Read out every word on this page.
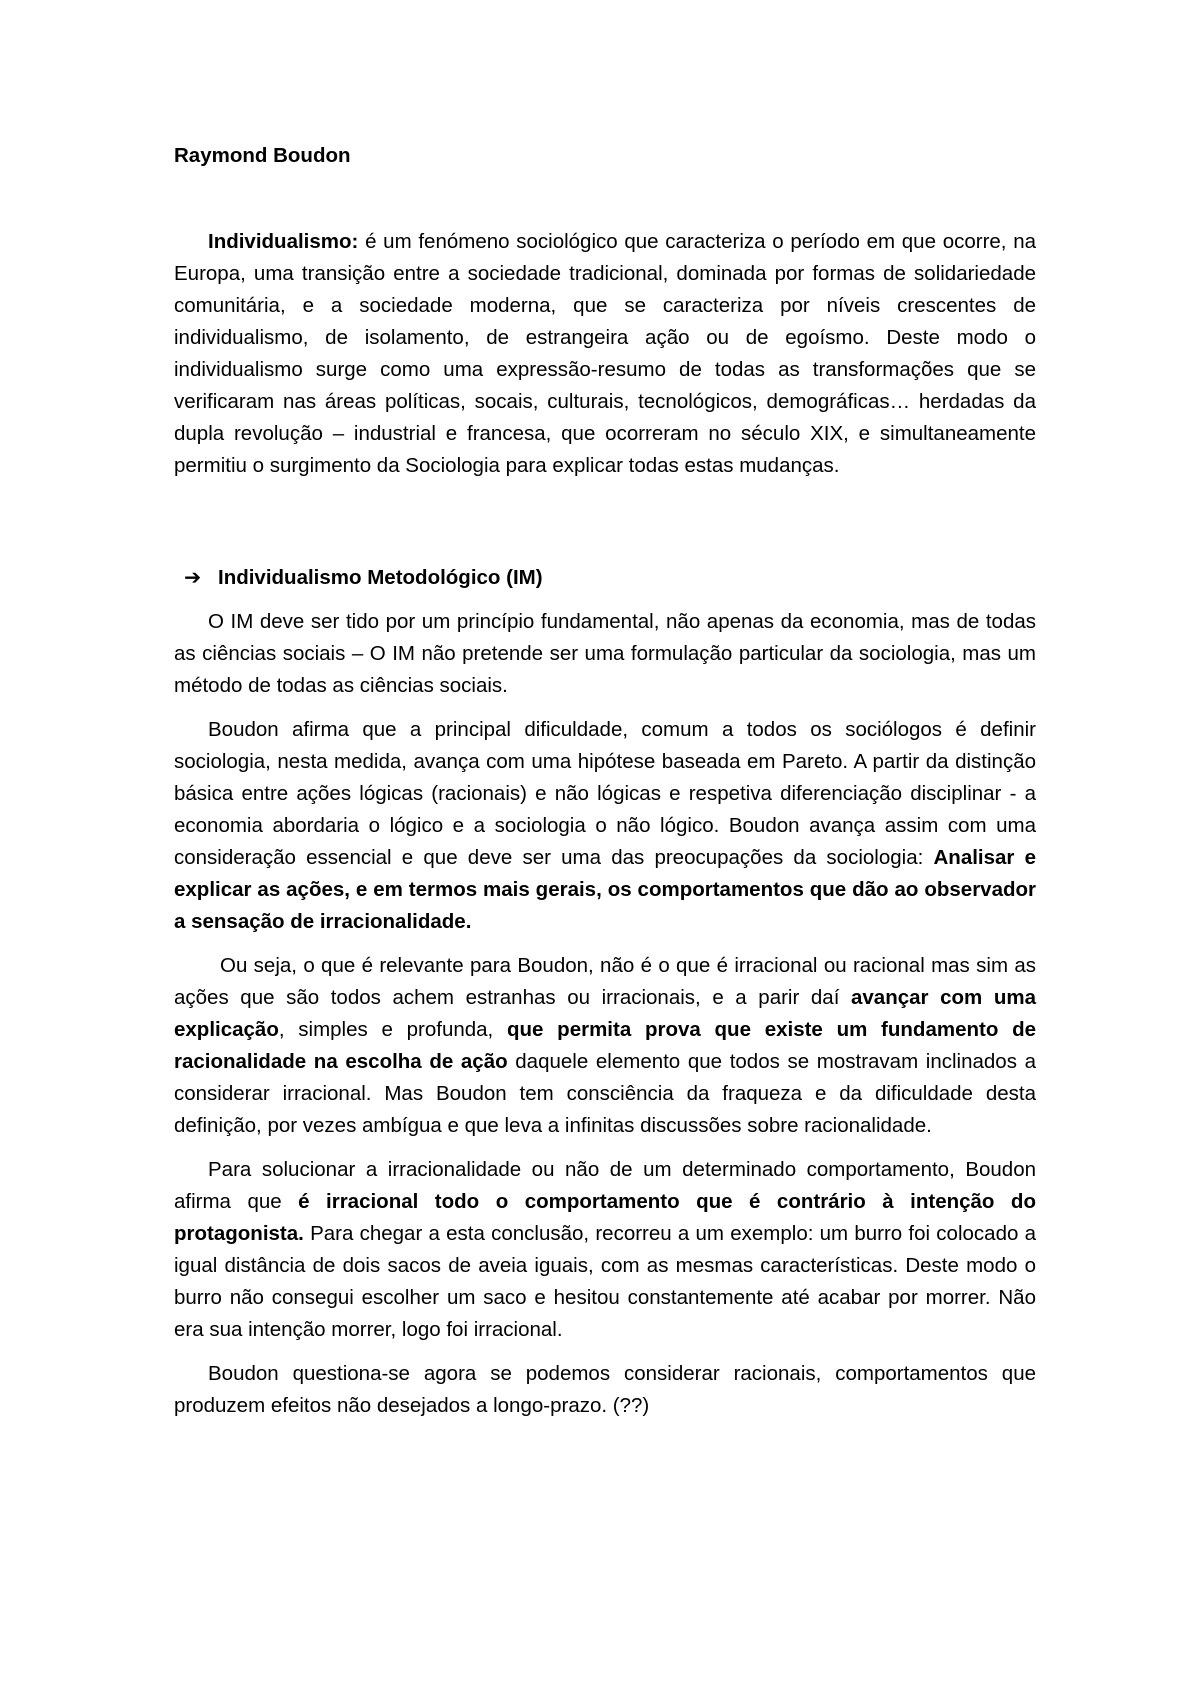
Raymond Boudon

Individualismo: é um fenómeno sociológico que caracteriza o período em que ocorre, na Europa, uma transição entre a sociedade tradicional, dominada por formas de solidariedade comunitária, e a sociedade moderna, que se caracteriza por níveis crescentes de individualismo, de isolamento, de estrangeira ação ou de egoísmo. Deste modo o individualismo surge como uma expressão-resumo de todas as transformações que se verificaram nas áreas políticas, socais, culturais, tecnológicos, demográficas… herdadas da dupla revolução – industrial e francesa, que ocorreram no século XIX, e simultaneamente permitiu o surgimento da Sociologia para explicar todas estas mudanças.

➔ Individualismo Metodológico (IM)

O IM deve ser tido por um princípio fundamental, não apenas da economia, mas de todas as ciências sociais – O IM não pretende ser uma formulação particular da sociologia, mas um método de todas as ciências sociais.

Boudon afirma que a principal dificuldade, comum a todos os sociólogos é definir sociologia, nesta medida, avança com uma hipótese baseada em Pareto. A partir da distinção básica entre ações lógicas (racionais) e não lógicas e respetiva diferenciação disciplinar - a economia abordaria o lógico e a sociologia o não lógico. Boudon avança assim com uma consideração essencial e que deve ser uma das preocupações da sociologia: Analisar e explicar as ações, e em termos mais gerais, os comportamentos que dão ao observador a sensação de irracionalidade.

Ou seja, o que é relevante para Boudon, não é o que é irracional ou racional mas sim as ações que são todos achem estranhas ou irracionais, e a parir daí avançar com uma explicação, simples e profunda, que permita prova que existe um fundamento de racionalidade na escolha de ação daquele elemento que todos se mostravam inclinados a considerar irracional. Mas Boudon tem consciência da fraqueza e da dificuldade desta definição, por vezes ambígua e que leva a infinitas discussões sobre racionalidade.

Para solucionar a irracionalidade ou não de um determinado comportamento, Boudon afirma que é irracional todo o comportamento que é contrário à intenção do protagonista. Para chegar a esta conclusão, recorreu a um exemplo: um burro foi colocado a igual distância de dois sacos de aveia iguais, com as mesmas características. Deste modo o burro não consegui escolher um saco e hesitou constantemente até acabar por morrer. Não era sua intenção morrer, logo foi irracional.

Boudon questiona-se agora se podemos considerar racionais, comportamentos que produzem efeitos não desejados a longo-prazo. (??)
